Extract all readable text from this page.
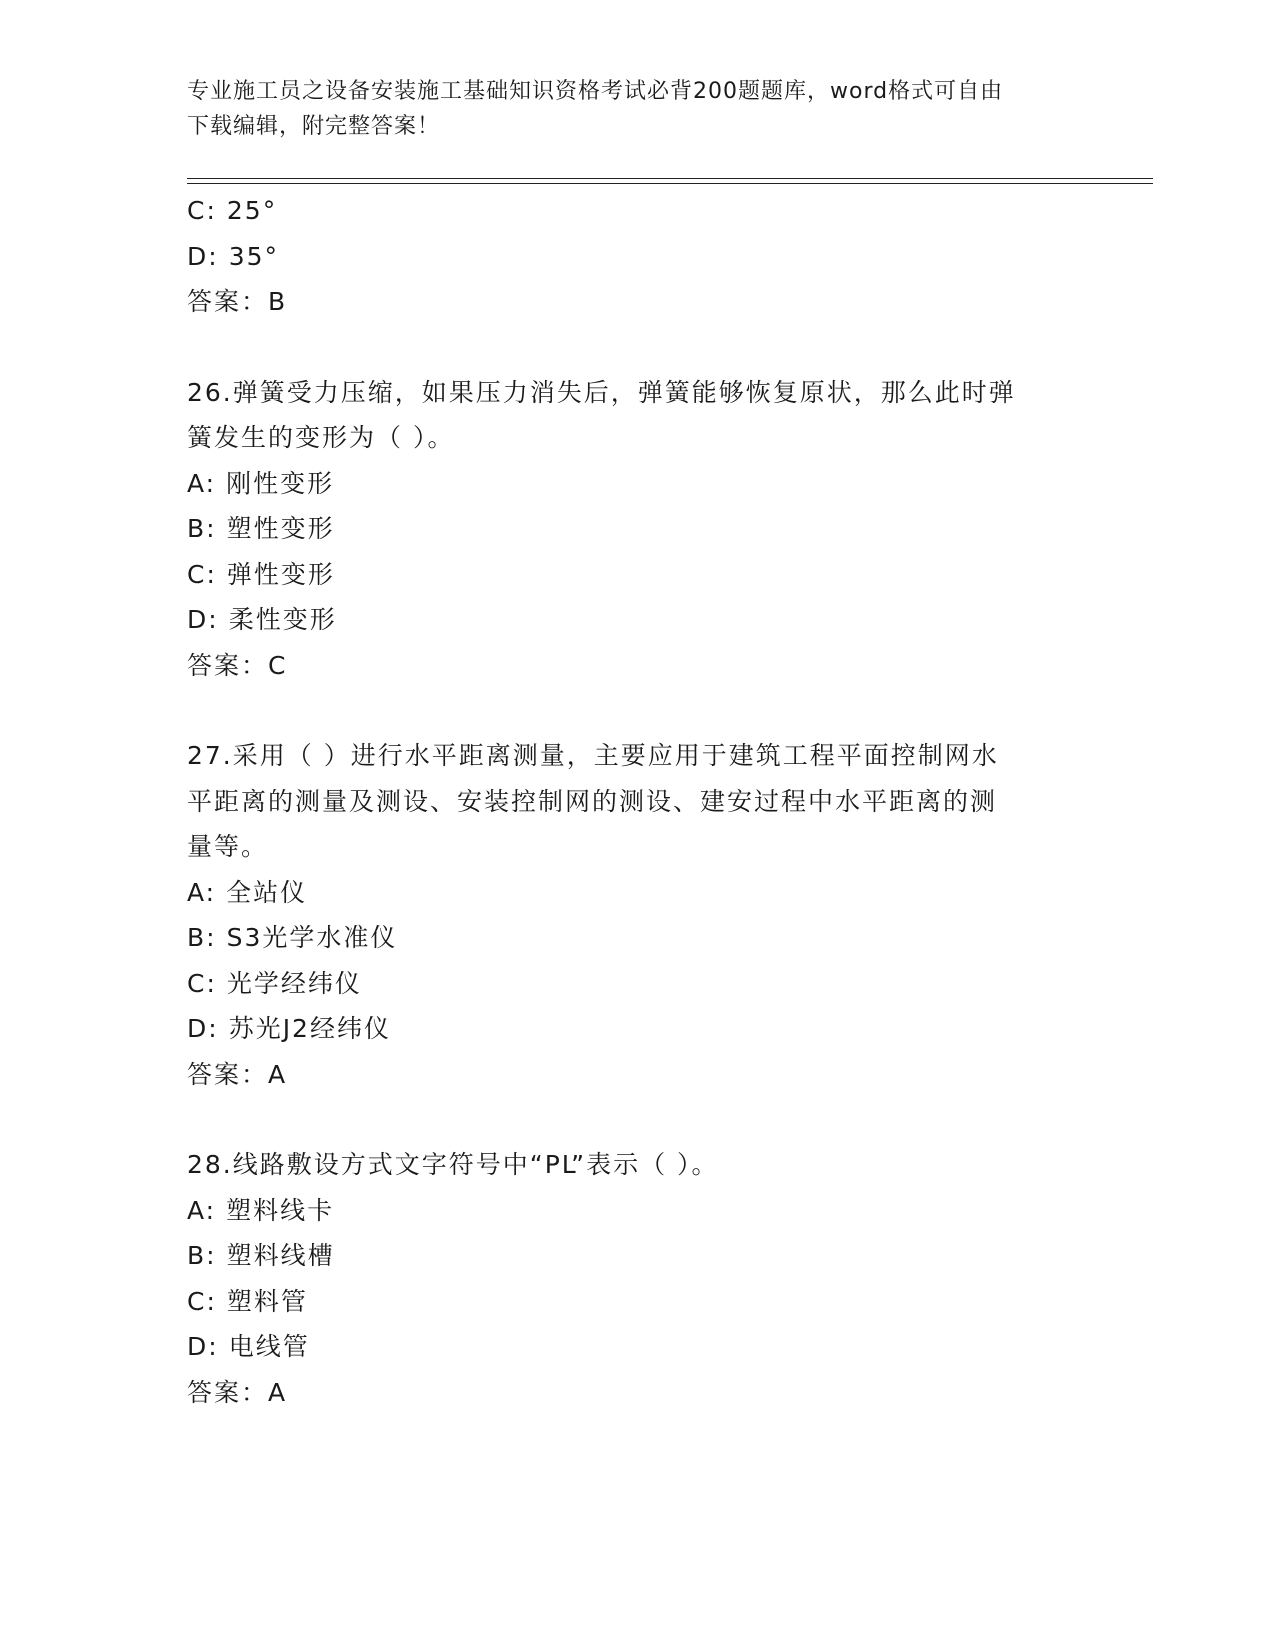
专业施工员之设备安装施工基础知识资格考试必背200题题库，word格式可自由
下载编辑，附完整答案！
C: 25°
D: 35°
答案：B
26.弹簧受力压缩，如果压力消失后，弹簧能够恢复原状，那么此时弹
簧发生的变形为（ ）。
A: 刚性变形
B: 塑性变形
C: 弹性变形
D: 柔性变形
答案：C
27.采用（ ）进行水平距离测量，主要应用于建筑工程平面控制网水
平距离的测量及测设、安装控制网的测设、建安过程中水平距离的测
量等。
A: 全站仪
B: S3光学水准仪
C: 光学经纬仪
D: 苏光J2经纬仪
答案：A
28.线路敷设方式文字符号中“PL”表示（ ）。
A: 塑料线卡
B: 塑料线槽
C: 塑料管
D: 电线管
答案：A
